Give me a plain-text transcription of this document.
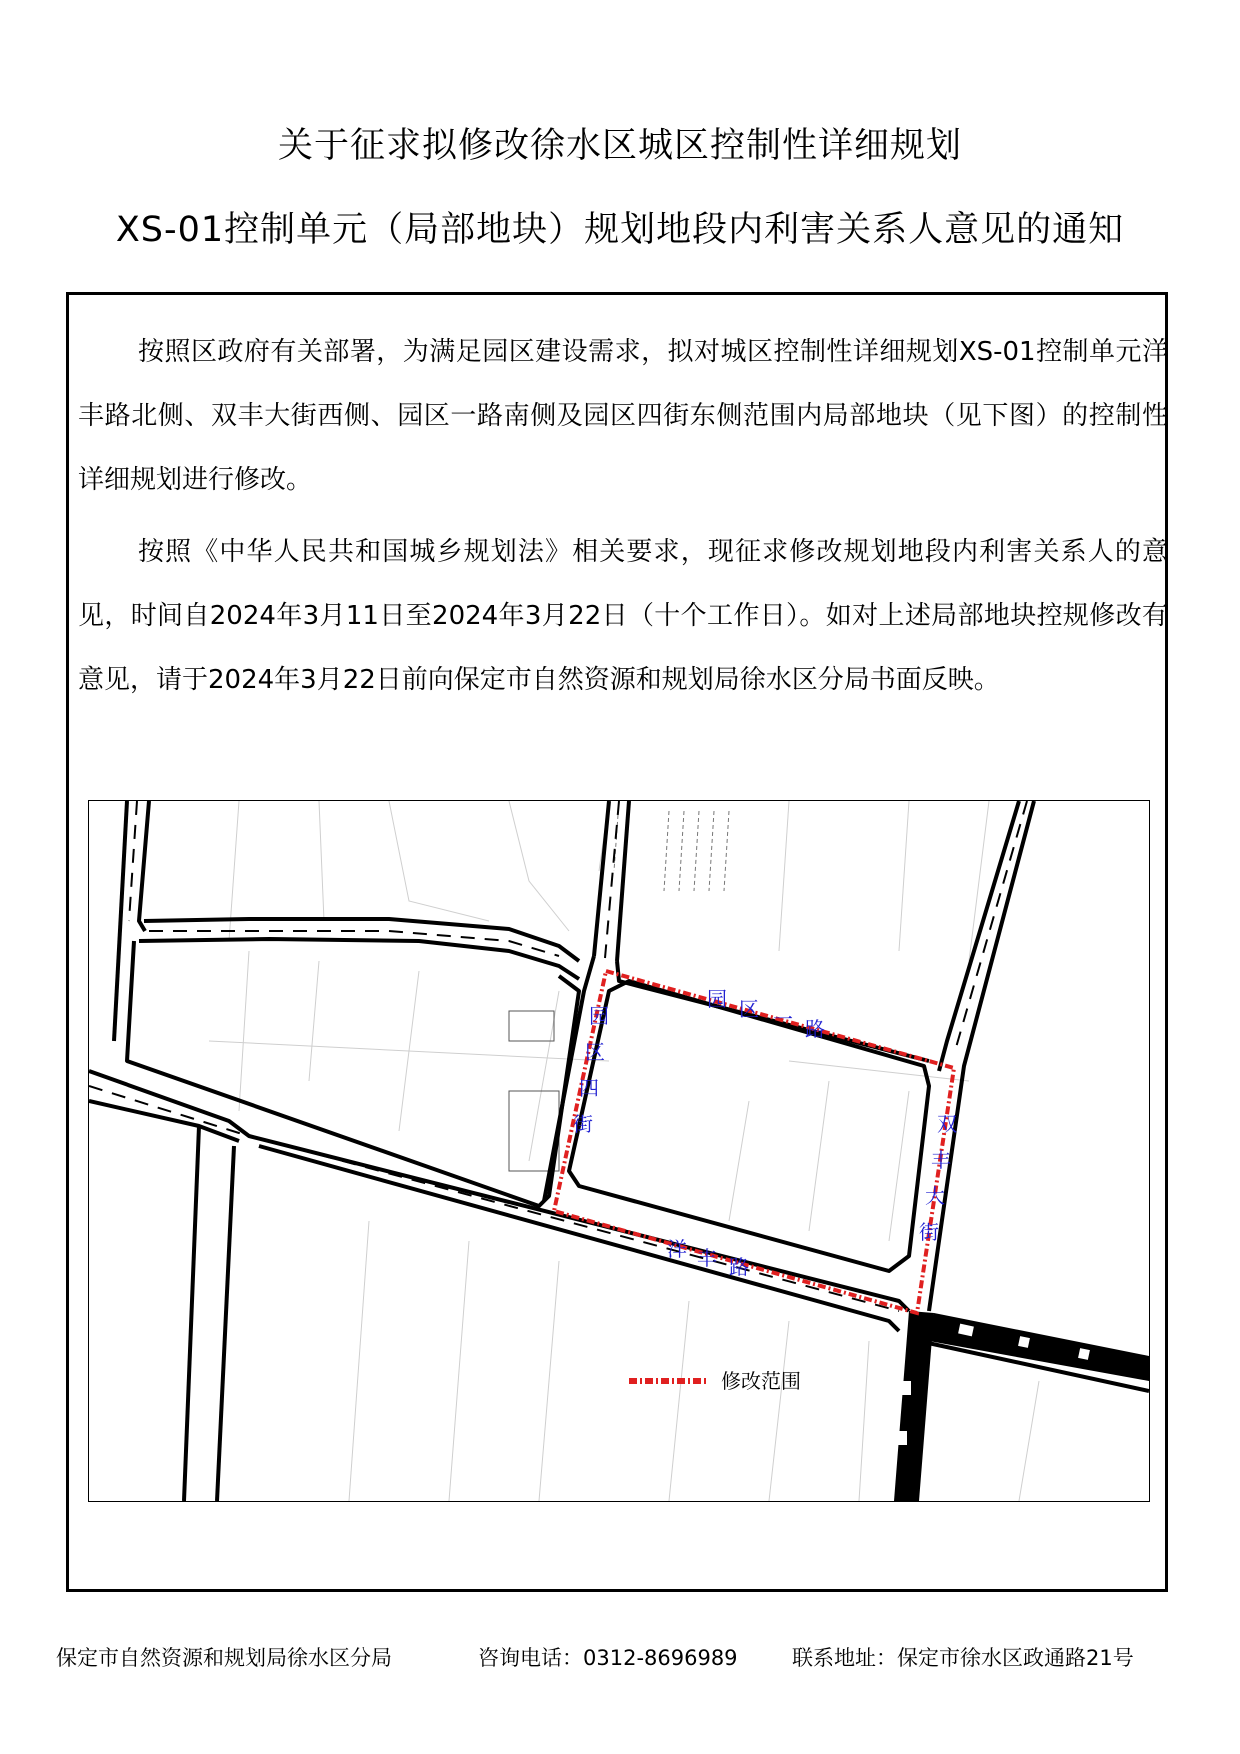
关于征求拟修改徐水区城区控制性详细规划
XS-01控制单元（局部地块）规划地段内利害关系人意见的通知
按照区政府有关部署，为满足园区建设需求，拟对城区控制性详细规划XS-01控制单元洋丰路北侧、双丰大街西侧、园区一路南侧及园区四街东侧范围内局部地块（见下图）的控制性详细规划进行修改。
按照《中华人民共和国城乡规划法》相关要求，现征求修改规划地段内利害关系人的意见，时间自2024年3月11日至2024年3月22日（十个工作日）。如对上述局部地块控规修改有意见，请于2024年3月22日前向保定市自然资源和规划局徐水区分局书面反映。
园 区 一 路
园
区
四
街
洋 丰 路
双
丰
大
街
修改范围
保定市自然资源和规划局徐水区分局	咨询电话：0312-8696989	联系地址：保定市徐水区政通路21号
